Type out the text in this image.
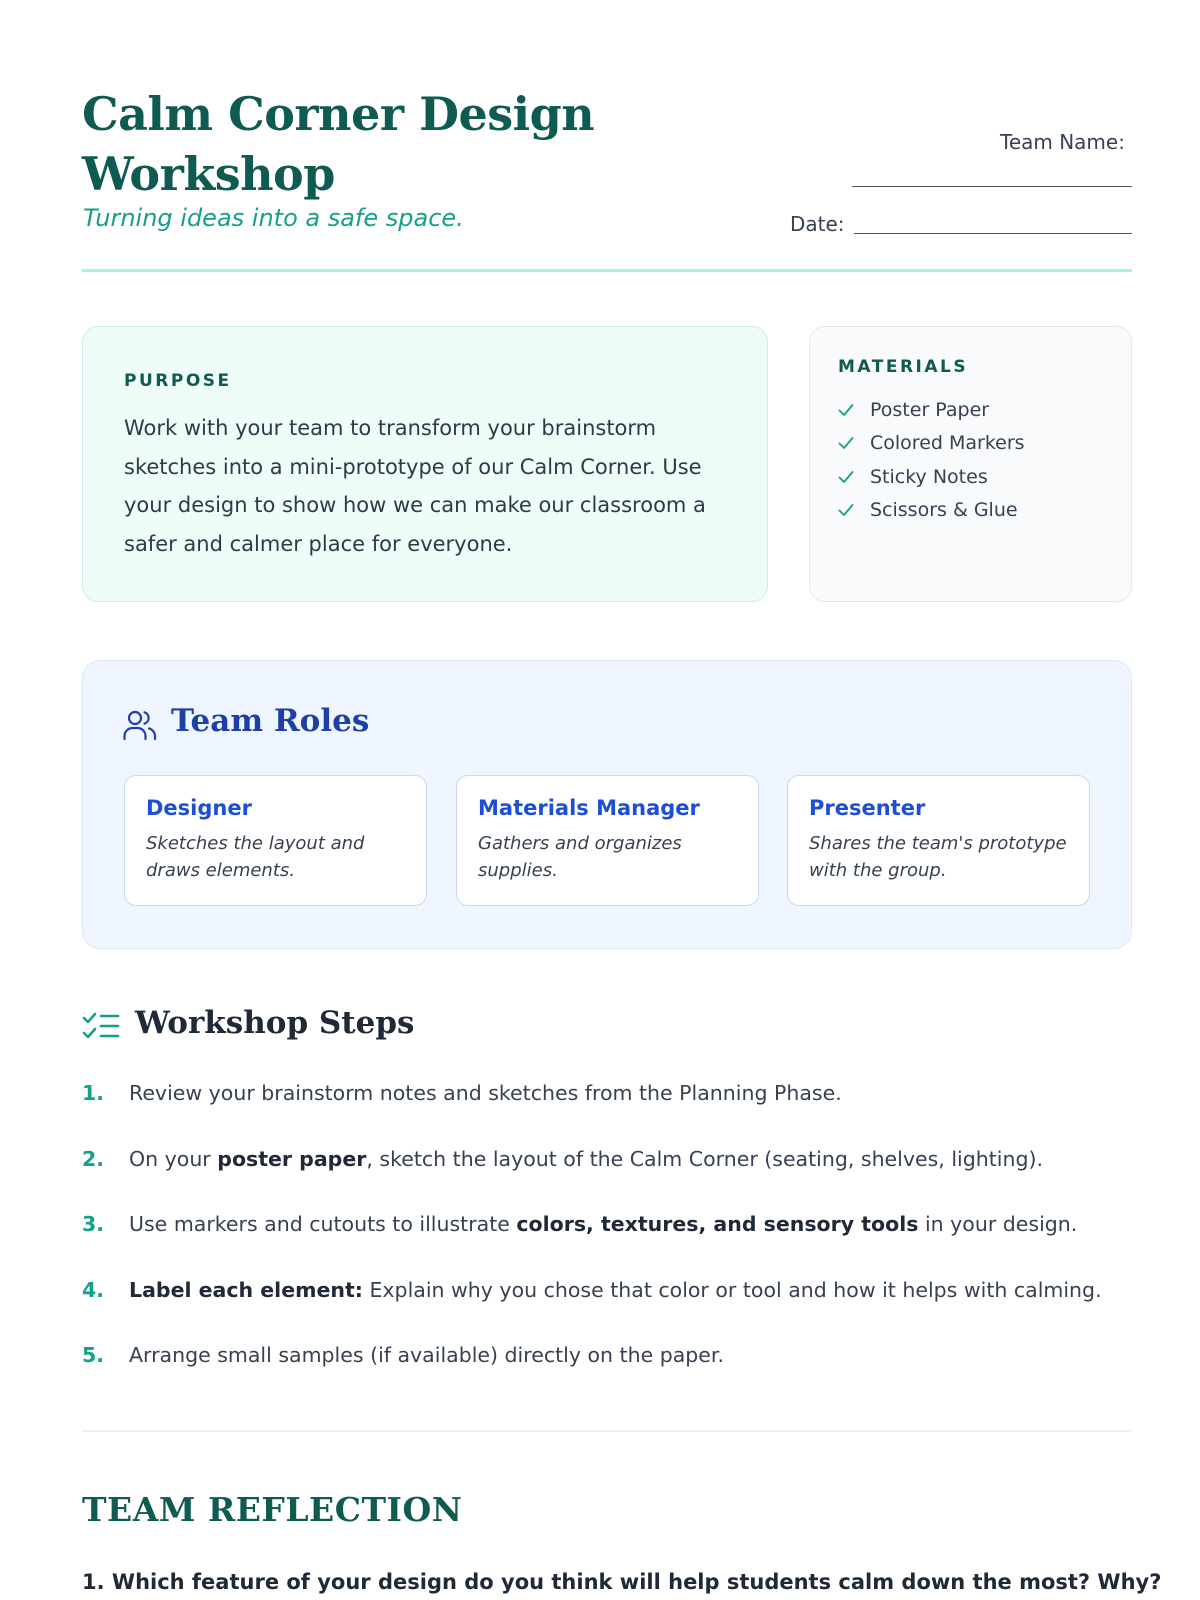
Calm Corner Design Workshop
Turning ideas into a safe space.
Team Name:
Date:
PURPOSE

Work with your team to transform your brainstorm sketches into a mini-prototype of our Calm Corner. Use your design to show how we can make our classroom a safer and calmer place for everyone.

MATERIALS
Poster Paper
Colored Markers
Sticky Notes
Scissors & Glue
Team Roles
Designer

Sketches the layout and draws elements.

Materials Manager

Gathers and organizes supplies.

Presenter

Shares the team's prototype with the group.

Workshop Steps
1. Review your brainstorm notes and sketches from the Planning Phase.
2. On your poster paper, sketch the layout of the Calm Corner (seating, shelves, lighting).
3. Use markers and cutouts to illustrate colors, textures, and sensory tools in your design.
4. Label each element: Explain why you chose that color or tool and how it helps with calming.
5. Arrange small samples (if available) directly on the paper.
TEAM REFLECTION
1. Which feature of your design do you think will help students calm down the most? Why?
